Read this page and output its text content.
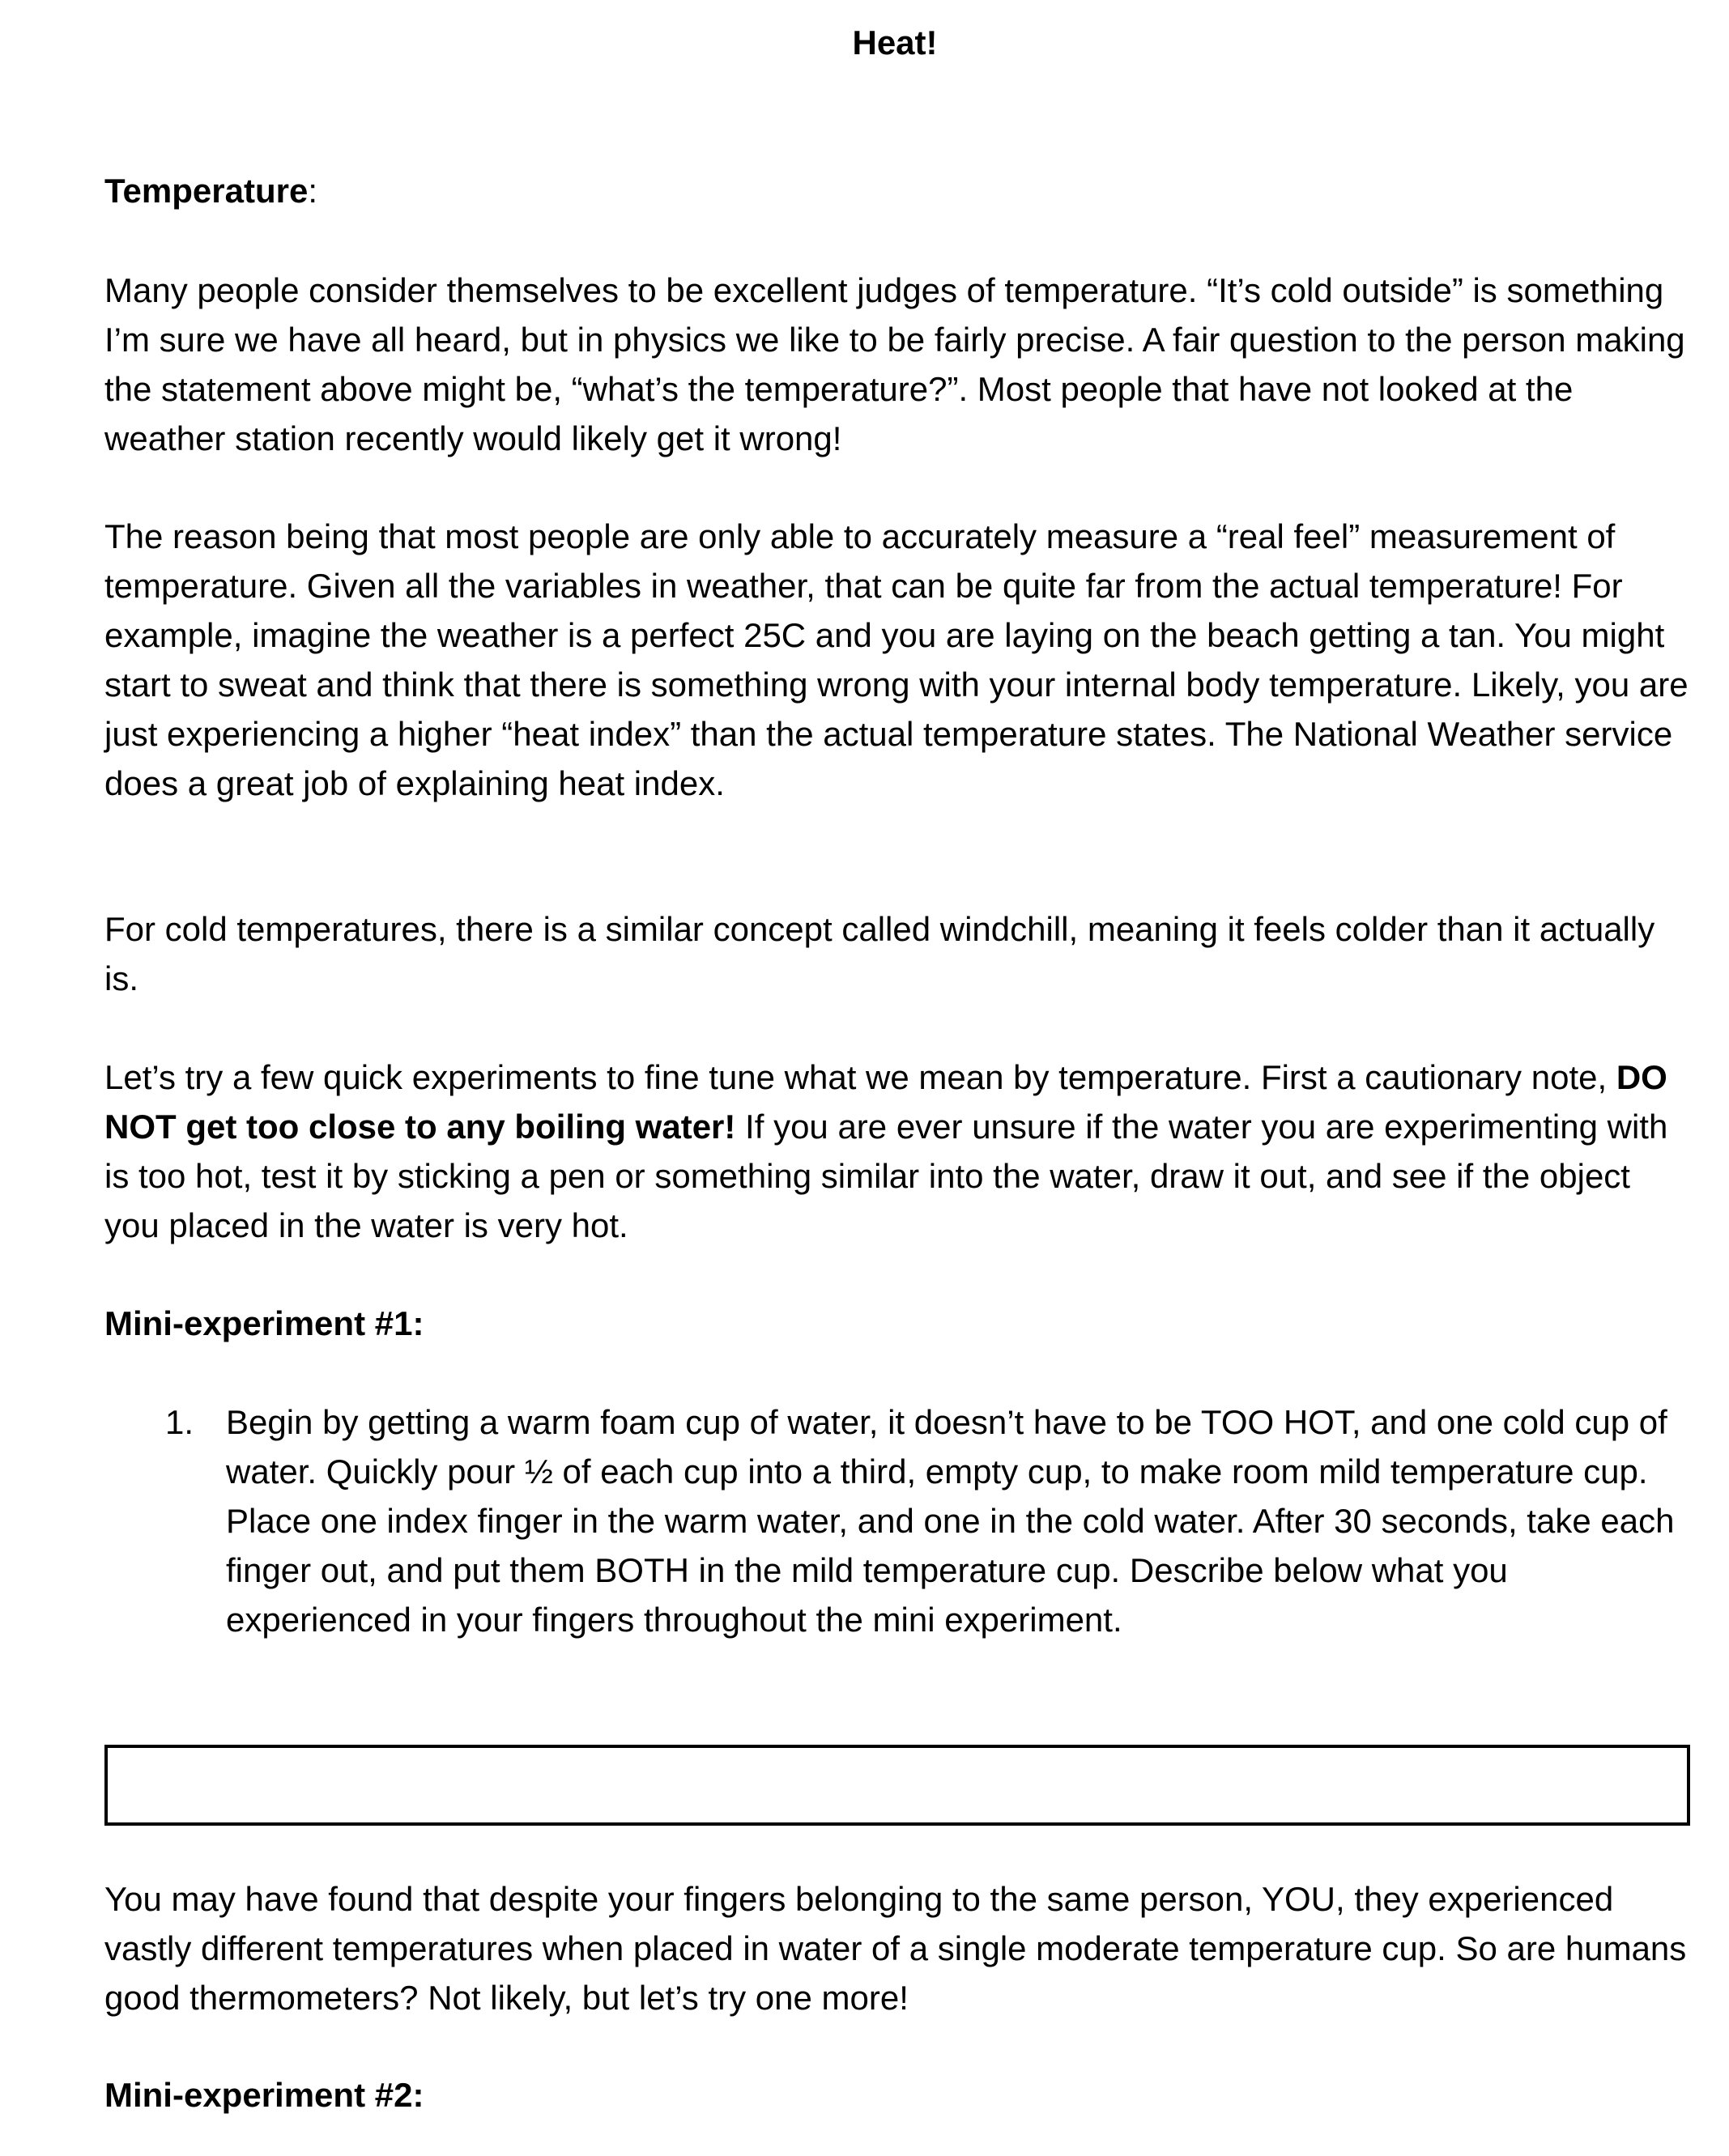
Heat!
Temperature:

Many people consider themselves to be excellent judges of temperature. “It’s cold outside” is something I’m sure we have all heard, but in physics we like to be fairly precise. A fair question to the person making the statement above might be, “what’s the temperature?”. Most people that have not looked at the weather station recently would likely get it wrong!

The reason being that most people are only able to accurately measure a “real feel” measurement of temperature. Given all the variables in weather, that can be quite far from the actual temperature! For example, imagine the weather is a perfect 25C and you are laying on the beach getting a tan. You might start to sweat and think that there is something wrong with your internal body temperature. Likely, you are just experiencing a higher “heat index” than the actual temperature states. The National Weather service does a great job of explaining heat index.

For cold temperatures, there is a similar concept called windchill, meaning it feels colder than it actually is.

Let’s try a few quick experiments to fine tune what we mean by temperature. First a cautionary note, DO NOT get too close to any boiling water! If you are ever unsure if the water you are experimenting with is too hot, test it by sticking a pen or something similar into the water, draw it out, and see if the object you placed in the water is very hot.

Mini-experiment #1:
1. Begin by getting a warm foam cup of water, it doesn’t have to be TOO HOT, and one cold cup of water. Quickly pour ½ of each cup into a third, empty cup, to make room mild temperature cup. Place one index finger in the warm water, and one in the cold water. After 30 seconds, take each finger out, and put them BOTH in the mild temperature cup. Describe below what you experienced in your fingers throughout the mini experiment.

You may have found that despite your fingers belonging to the same person, YOU, they experienced vastly different temperatures when placed in water of a single moderate temperature cup. So are humans good thermometers? Not likely, but let’s try one more!

Mini-experiment #2:
